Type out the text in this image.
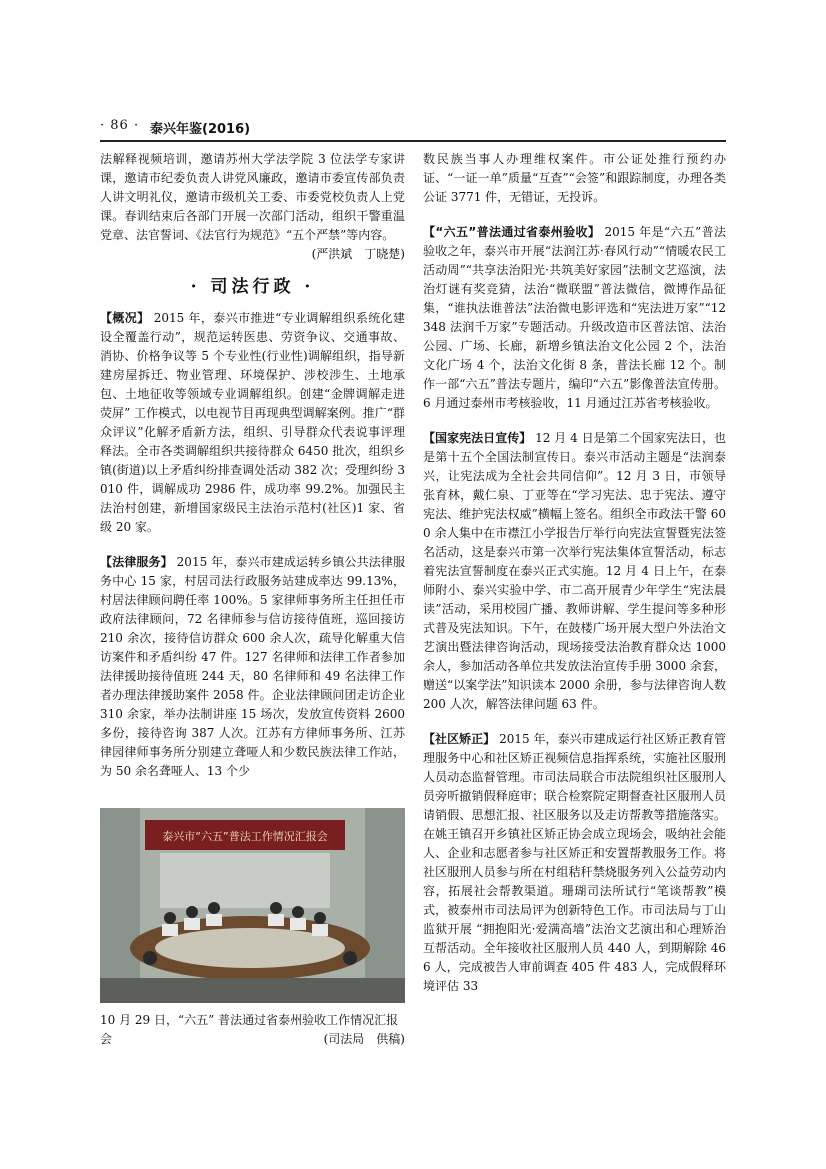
· 86 · 泰兴年鉴(2016)

法解释视频培训，邀请苏州大学法学院 3 位法学专家讲课，邀请市纪委负责人讲党风廉政，邀请市委宣传部负责人讲文明礼仪，邀请市级机关工委、市委党校负责人上党课。春训结束后各部门开展一次部门活动，组织干警重温党章、法官誓词、《法官行为规范》“五个严禁”等内容。
(严洪斌　丁晓楚)

· 司法行政 ·

【概况】 2015 年，泰兴市推进“专业调解组织系统化建设全覆盖行动”，规范运转医患、劳资争议、交通事故、消协、价格争议等 5 个专业性(行业性)调解组织，指导新建房屋拆迁、物业管理、环境保护、涉校涉生、土地承包、土地征收等领域专业调解组织。创建“金牌调解走进荧屏” 工作模式，以电视节目再现典型调解案例。推广“群众评议”化解矛盾新方法，组织、引导群众代表说事评理释法。全市各类调解组织共接待群众 6450 批次，组织乡镇(街道)以上矛盾纠纷排查调处活动 382 次；受理纠纷 3010 件，调解成功 2986 件，成功率 99.2%。加强民主法治村创建，新增国家级民主法治示范村(社区)1 家、省级 20 家。

【法律服务】 2015 年，泰兴市建成运转乡镇公共法律服务中心 15 家，村居司法行政服务站建成率达 99.13%，村居法律顾问聘任率 100%。5 家律师事务所主任担任市政府法律顾问，72 名律师参与信访接待值班，巡回接访 210 余次，接待信访群众 600 余人次，疏导化解重大信访案件和矛盾纠纷 47 件。127 名律师和法律工作者参加法律援助接待值班 244 天，80 名律师和 49 名法律工作者办理法律援助案件 2058 件。企业法律顾问团走访企业 310 余家，举办法制讲座 15 场次，发放宣传资料 2600 多份，接待咨询 387 人次。江苏有方律师事务所、江苏律园律师事务所分别建立聋哑人和少数民族法律工作站，为 50 余名聋哑人、13 个少

泰兴市“六五”普法工作情况汇报会
10 月 29 日，“六五” 普法通过省泰州验收工作情况汇报会	(司法局　供稿)

数民族当事人办理维权案件。市公证处推行预约办证、“一证一单”质量“互查”“会签”和跟踪制度，办理各类公证 3771 件，无错证，无投诉。

【“六五”普法通过省泰州验收】 2015 年是“六五”普法验收之年，泰兴市开展“法润江苏·春风行动”“情暖农民工活动周”“共享法治阳光·共筑美好家园”法制文艺巡演，法治灯谜有奖竞猜，法治“微联盟”普法微信，微博作品征集，“谁执法谁普法”法治微电影评选和“宪法进万家”“12348 法润千万家”专题活动。升级改造市区普法馆、法治公园、广场、长廊，新增乡镇法治文化公园 2 个，法治文化广场 4 个，法治文化街 8 条，普法长廊 12 个。制作一部“六五”普法专题片，编印“六五”影像普法宣传册。6 月通过泰州市考核验收，11 月通过江苏省考核验收。

【国家宪法日宣传】 12 月 4 日是第二个国家宪法日，也是第十五个全国法制宣传日。泰兴市活动主题是“法润泰兴，让宪法成为全社会共同信仰”。12 月 3 日，市领导张育林，戴仁泉、丁亚等在“学习宪法、忠于宪法、遵守宪法、维护宪法权威”横幅上签名。组织全市政法干警 600 余人集中在市襟江小学报告厅举行向宪法宣誓暨宪法签名活动，这是泰兴市第一次举行宪法集体宣誓活动，标志着宪法宣誓制度在泰兴正式实施。12 月 4 日上午，在泰师附小、泰兴实验中学、市二高开展青少年学生“宪法晨读”活动，采用校园广播、教师讲解、学生提问等多种形式普及宪法知识。下午，在鼓楼广场开展大型户外法治文艺演出暨法律咨询活动，现场接受法治教育群众达 1000 余人，参加活动各单位共发放法治宣传手册 3000 余套，赠送“以案学法”知识读本 2000 余册，参与法律咨询人数 200 人次，解答法律问题 63 件。

【社区矫正】 2015 年，泰兴市建成运行社区矫正教育管理服务中心和社区矫正视频信息指挥系统，实施社区服刑人员动态监督管理。市司法局联合市法院组织社区服刑人员旁听撤销假释庭审；联合检察院定期督查社区服刑人员请销假、思想汇报、社区服务以及走访帮教等措施落实。在姚王镇召开乡镇社区矫正协会成立现场会，吸纳社会能人、企业和志愿者参与社区矫正和安置帮教服务工作。将社区服刑人员参与所在村组秸秆禁烧服务列入公益劳动内容，拓展社会帮教渠道。珊瑚司法所试行“笔谈帮教”模式，被泰州市司法局评为创新特色工作。市司法局与丁山监狱开展 “拥抱阳光·爱满高墙”法治文艺演出和心理矫治互帮活动。全年接收社区服刑人员 440 人，到期解除 466 人，完成被告人审前调查 405 件 483 人，完成假释环境评估 33
